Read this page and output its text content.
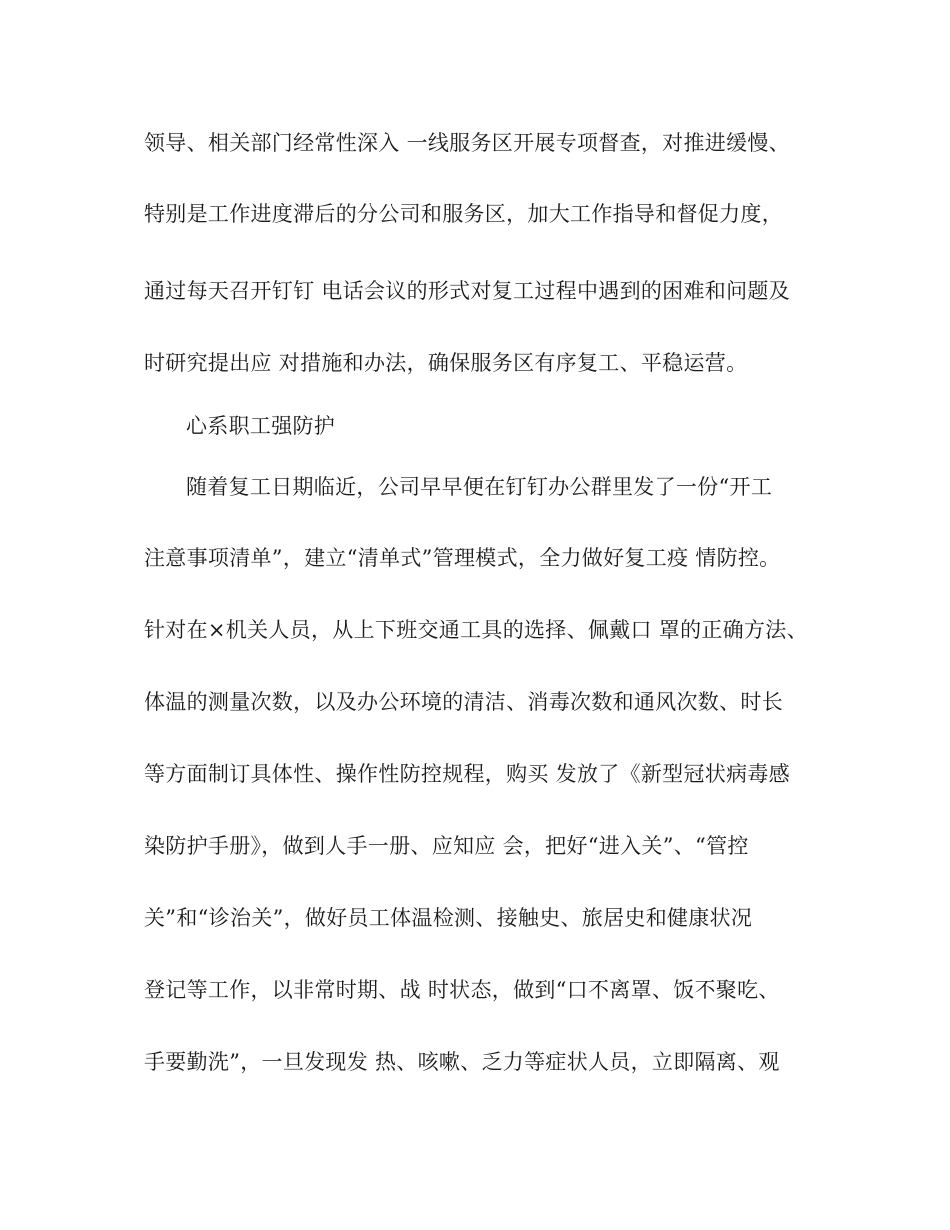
领导、相关部门经常性深入 一线服务区开展专项督查，对推进缓慢、
特别是工作进度滞后的分公司和服务区，加大工作指导和督促力度，
通过每天召开钉钉 电话会议的形式对复工过程中遇到的困难和问题及
时研究提出应 对措施和办法，确保服务区有序复工、平稳运营。
心系职工强防护
随着复工日期临近，公司早早便在钉钉办公群里发了一份“开工
注意事项清单”，建立“清单式”管理模式，全力做好复工疫 情防控。
针对在×机关人员，从上下班交通工具的选择、佩戴口 罩的正确方法、
体温的测量次数，以及办公环境的清洁、消毒次数和通风次数、时长
等方面制订具体性、操作性防控规程，购买 发放了《新型冠状病毒感
染防护手册》，做到人手一册、应知应 会，把好“进入关”、“管控
关”和“诊治关”，做好员工体温检测、接触史、旅居史和健康状况
登记等工作，以非常时期、战 时状态，做到“口不离罩、饭不聚吃、
手要勤洗”，一旦发现发 热、咳嗽、乏力等症状人员，立即隔离、观
